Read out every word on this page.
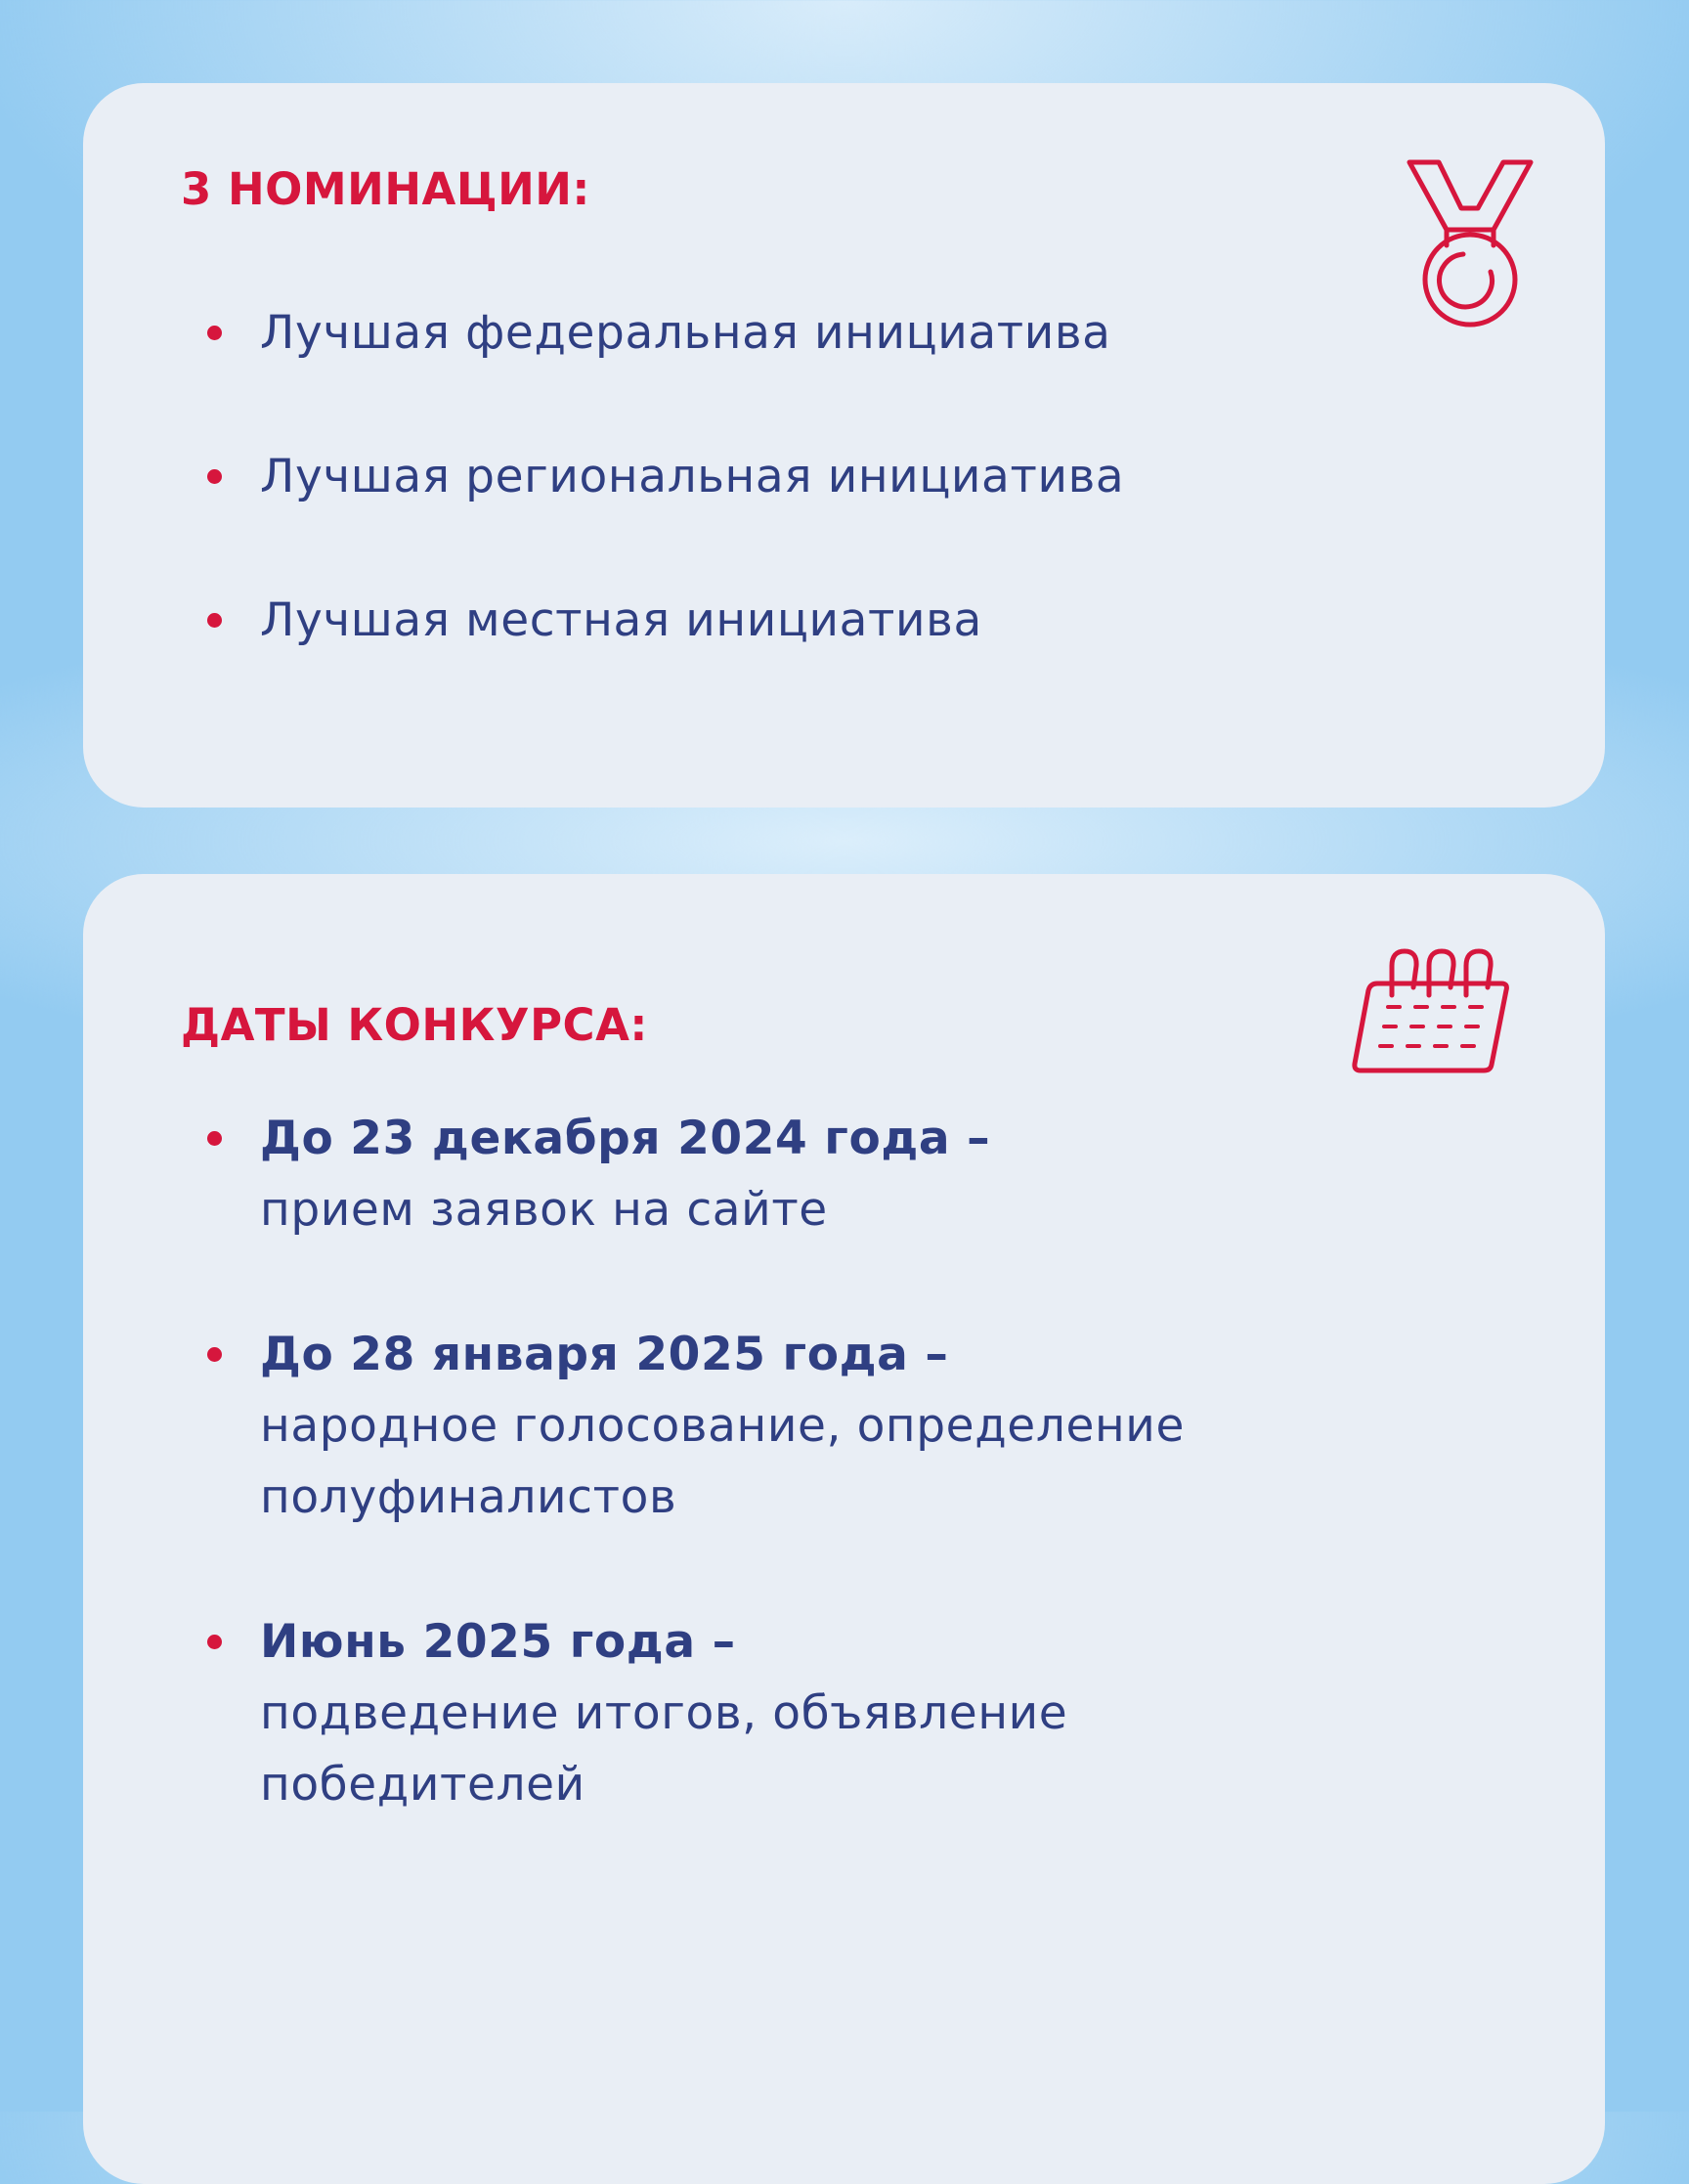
3 НОМИНАЦИИ:
Лучшая федеральная инициатива
Лучшая региональная инициатива
Лучшая местная инициатива
ДАТЫ КОНКУРСА:
До 23 декабря 2024 года –
прием заявок на сайте
До 28 января 2025 года –
народное голосование, определение полуфиналистов
Июнь 2025 года –
подведение итогов, объявление победителей
